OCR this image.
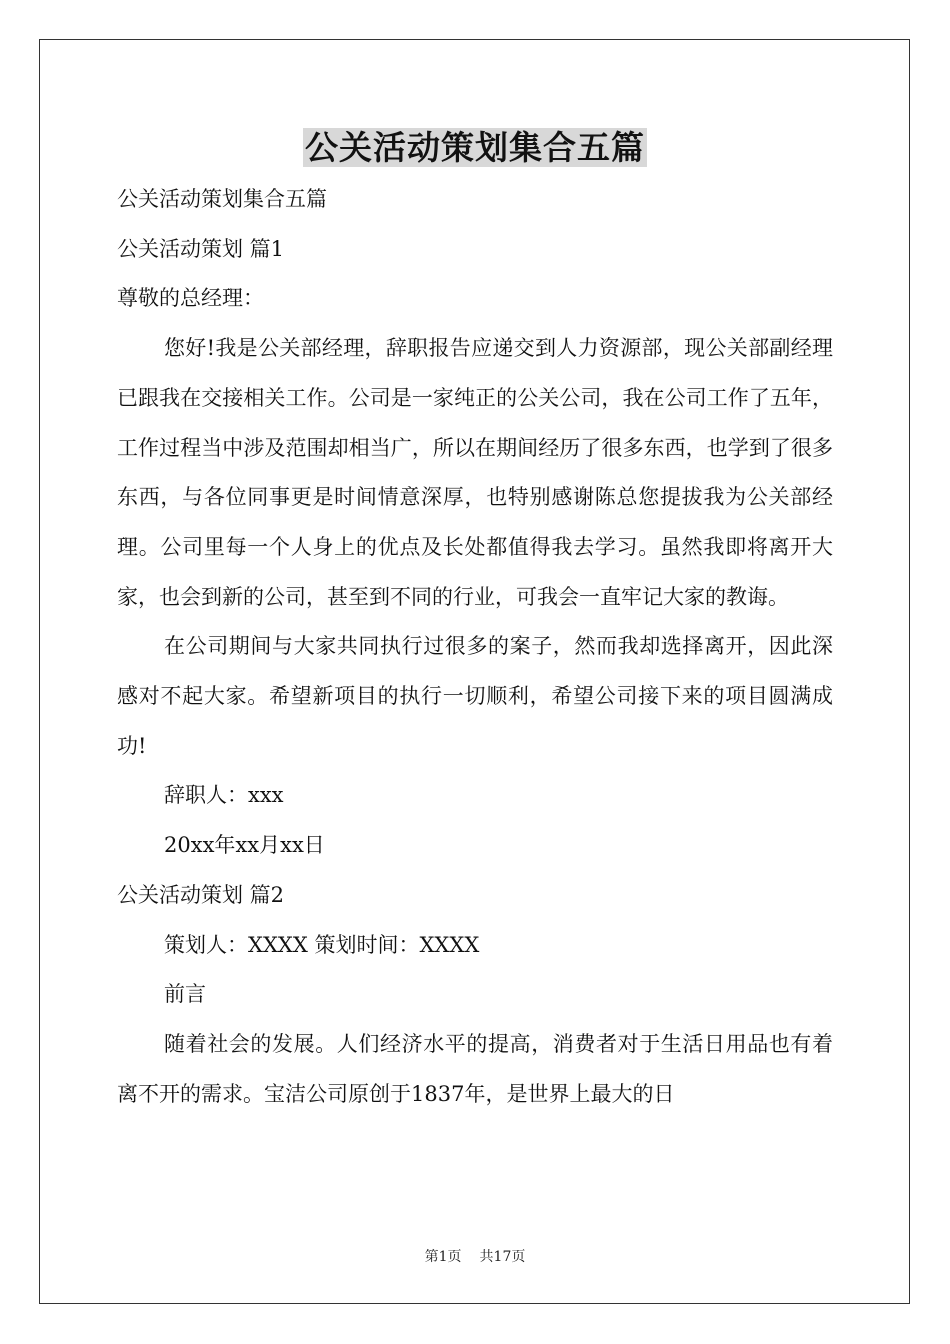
公关活动策划集合五篇

公关活动策划集合五篇

公关活动策划 篇1

尊敬的总经理：

您好!我是公关部经理，辞职报告应递交到人力资源部，现公关部副经理已跟我在交接相关工作。公司是一家纯正的公关公司，我在公司工作了五年，工作过程当中涉及范围却相当广，所以在期间经历了很多东西，也学到了很多东西，与各位同事更是时间情意深厚，也特别感谢陈总您提拔我为公关部经理。公司里每一个人身上的优点及长处都值得我去学习。虽然我即将离开大家，也会到新的公司，甚至到不同的行业，可我会一直牢记大家的教诲。

在公司期间与大家共同执行过很多的案子，然而我却选择离开，因此深感对不起大家。希望新项目的执行一切顺利，希望公司接下来的项目圆满成功!

辞职人：xxx

20xx年xx月xx日

公关活动策划 篇2

策划人：XXXX 策划时间：XXXX

前言

随着社会的发展。人们经济水平的提高，消费者对于生活日用品也有着离不开的需求。宝洁公司原创于1837年，是世界上最大的日

第1页 共17页
